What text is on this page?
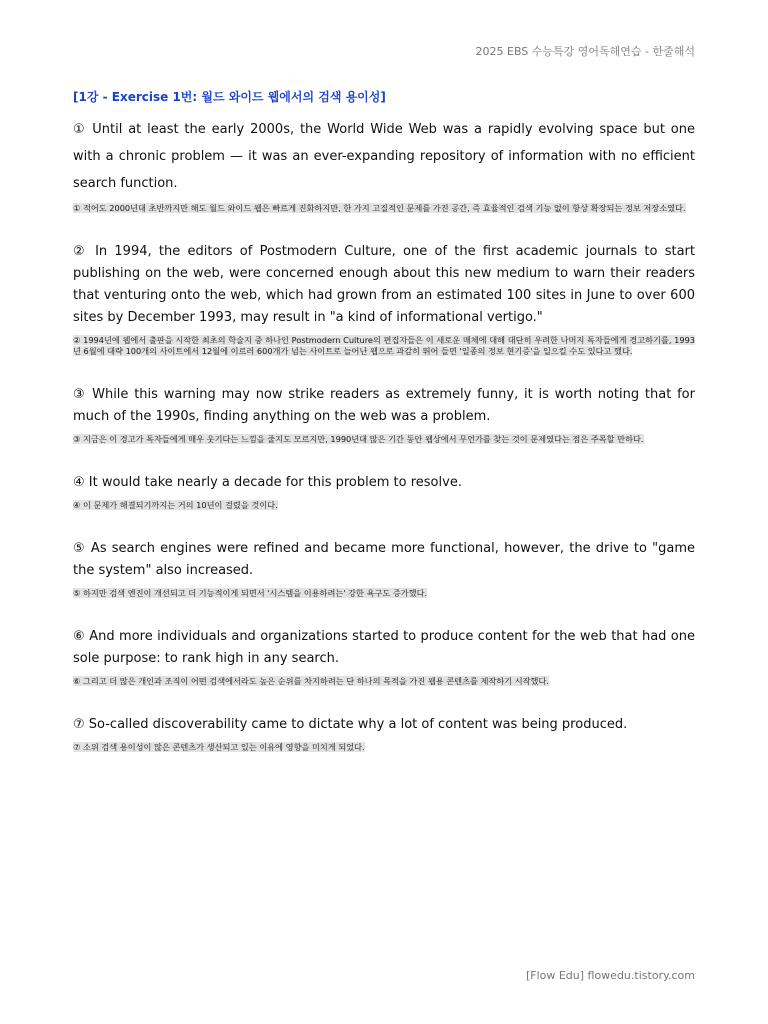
2025 EBS 수능특강 영어독해연습 - 한줄해석
[1강 - Exercise 1번: 월드 와이드 웹에서의 검색 용이성]

① Until at least the early 2000s, the World Wide Web was a rapidly evolving space but one with a chronic problem — it was an ever-expanding repository of information with no efficient search function.

① 적어도 2000년대 초반까지만 해도 월드 와이드 웹은 빠르게 진화하지만, 한 가지 고질적인 문제를 가진 공간, 즉 효율적인 검색 기능 없이 항상 확장되는 정보 저장소였다.

② In 1994, the editors of Postmodern Culture, one of the first academic journals to start publishing on the web, were concerned enough about this new medium to warn their readers that venturing onto the web, which had grown from an estimated 100 sites in June to over 600 sites by December 1993, may result in "a kind of informational vertigo."

② 1994년에 웹에서 출판을 시작한 최초의 학술지 중 하나인 Postmodern Culture의 편집자들은 이 새로운 매체에 대해 대단히 우려한 나머지 독자들에게 경고하기를, 1993년 6월에 대략 100개의 사이트에서 12월에 이르러 600개가 넘는 사이트로 늘어난 웹으로 과감히 뛰어 들면 '일종의 정보 현기증'을 일으킬 수도 있다고 했다.

③ While this warning may now strike readers as extremely funny, it is worth noting that for much of the 1990s, finding anything on the web was a problem.

③ 지금은 이 경고가 독자들에게 매우 웃기다는 느낌을 줄지도 모르지만, 1990년대 많은 기간 동안 웹상에서 무언가를 찾는 것이 문제였다는 점은 주목할 만하다.

④ It would take nearly a decade for this problem to resolve.

④ 이 문제가 해결되기까지는 거의 10년이 걸렸을 것이다.

⑤ As search engines were refined and became more functional, however, the drive to "game the system" also increased.

⑤ 하지만 검색 엔진이 개선되고 더 기능적이게 되면서 '시스템을 이용하려는' 강한 욕구도 증가했다.

⑥ And more individuals and organizations started to produce content for the web that had one sole purpose: to rank high in any search.

⑥ 그리고 더 많은 개인과 조직이 어떤 검색에서라도 높은 순위를 차지하려는 단 하나의 목적을 가진 웹용 콘텐츠를 제작하기 시작했다.

⑦ So-called discoverability came to dictate why a lot of content was being produced.

⑦ 소위 검색 용이성이 많은 콘텐츠가 생산되고 있는 이유에 영향을 미치게 되었다.

[Flow Edu] flowedu.tistory.com
